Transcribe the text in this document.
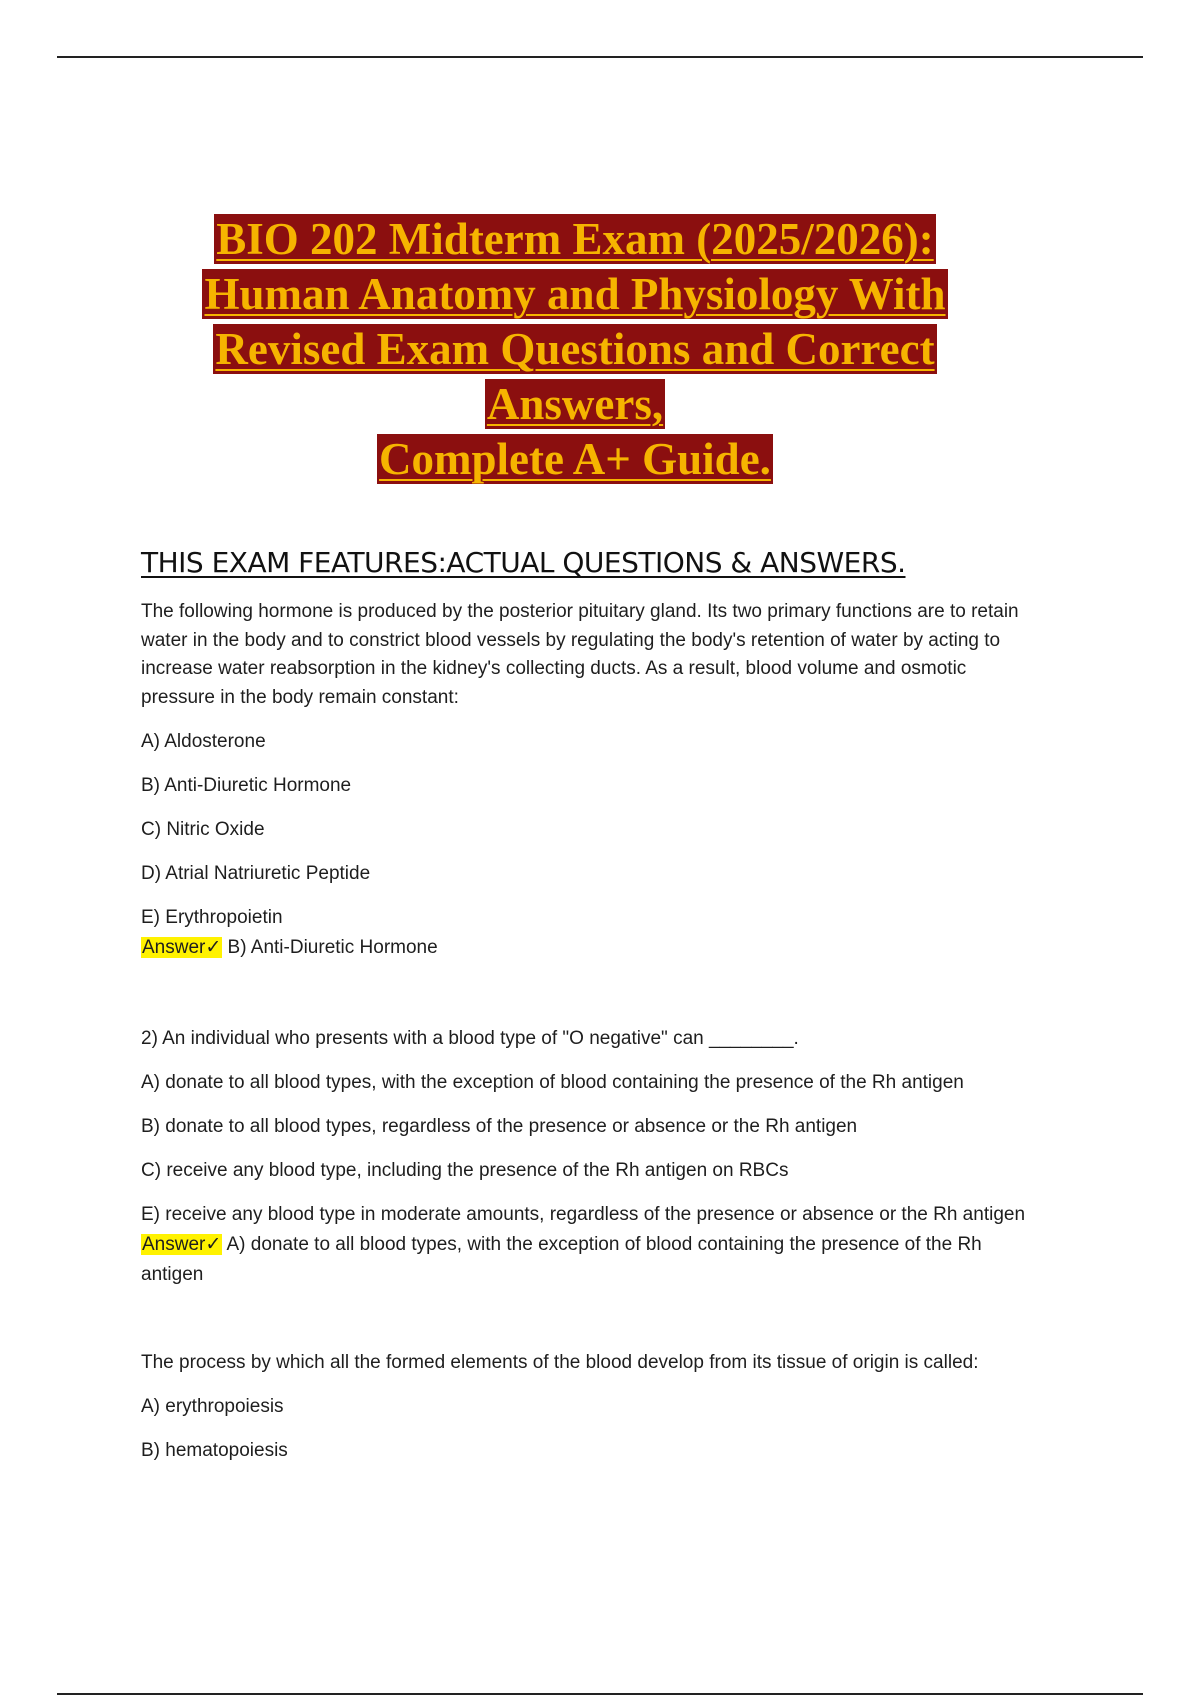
BIO 202 Midterm Exam (2025/2026):
Human Anatomy and Physiology With
Revised Exam Questions and Correct
Answers,
Complete A+ Guide.
THIS EXAM FEATURES:ACTUAL QUESTIONS & ANSWERS.
The following hormone is produced by the posterior pituitary gland. Its two primary functions are to retain water in the body and to constrict blood vessels by regulating the body's retention of water by acting to increase water reabsorption in the kidney's collecting ducts. As a result, blood volume and osmotic pressure in the body remain constant:
A) Aldosterone
B) Anti-Diuretic Hormone
C) Nitric Oxide
D) Atrial Natriuretic Peptide
E) Erythropoietin
Answer✓ B) Anti-Diuretic Hormone
2) An individual who presents with a blood type of "O negative" can ________.
A) donate to all blood types, with the exception of blood containing the presence of the Rh antigen
B) donate to all blood types, regardless of the presence or absence or the Rh antigen
C) receive any blood type, including the presence of the Rh antigen on RBCs
E) receive any blood type in moderate amounts, regardless of the presence or absence or the Rh antigen
Answer✓ A) donate to all blood types, with the exception of blood containing the presence of the Rh
antigen
The process by which all the formed elements of the blood develop from its tissue of origin is called:
A) erythropoiesis
B) hematopoiesis
